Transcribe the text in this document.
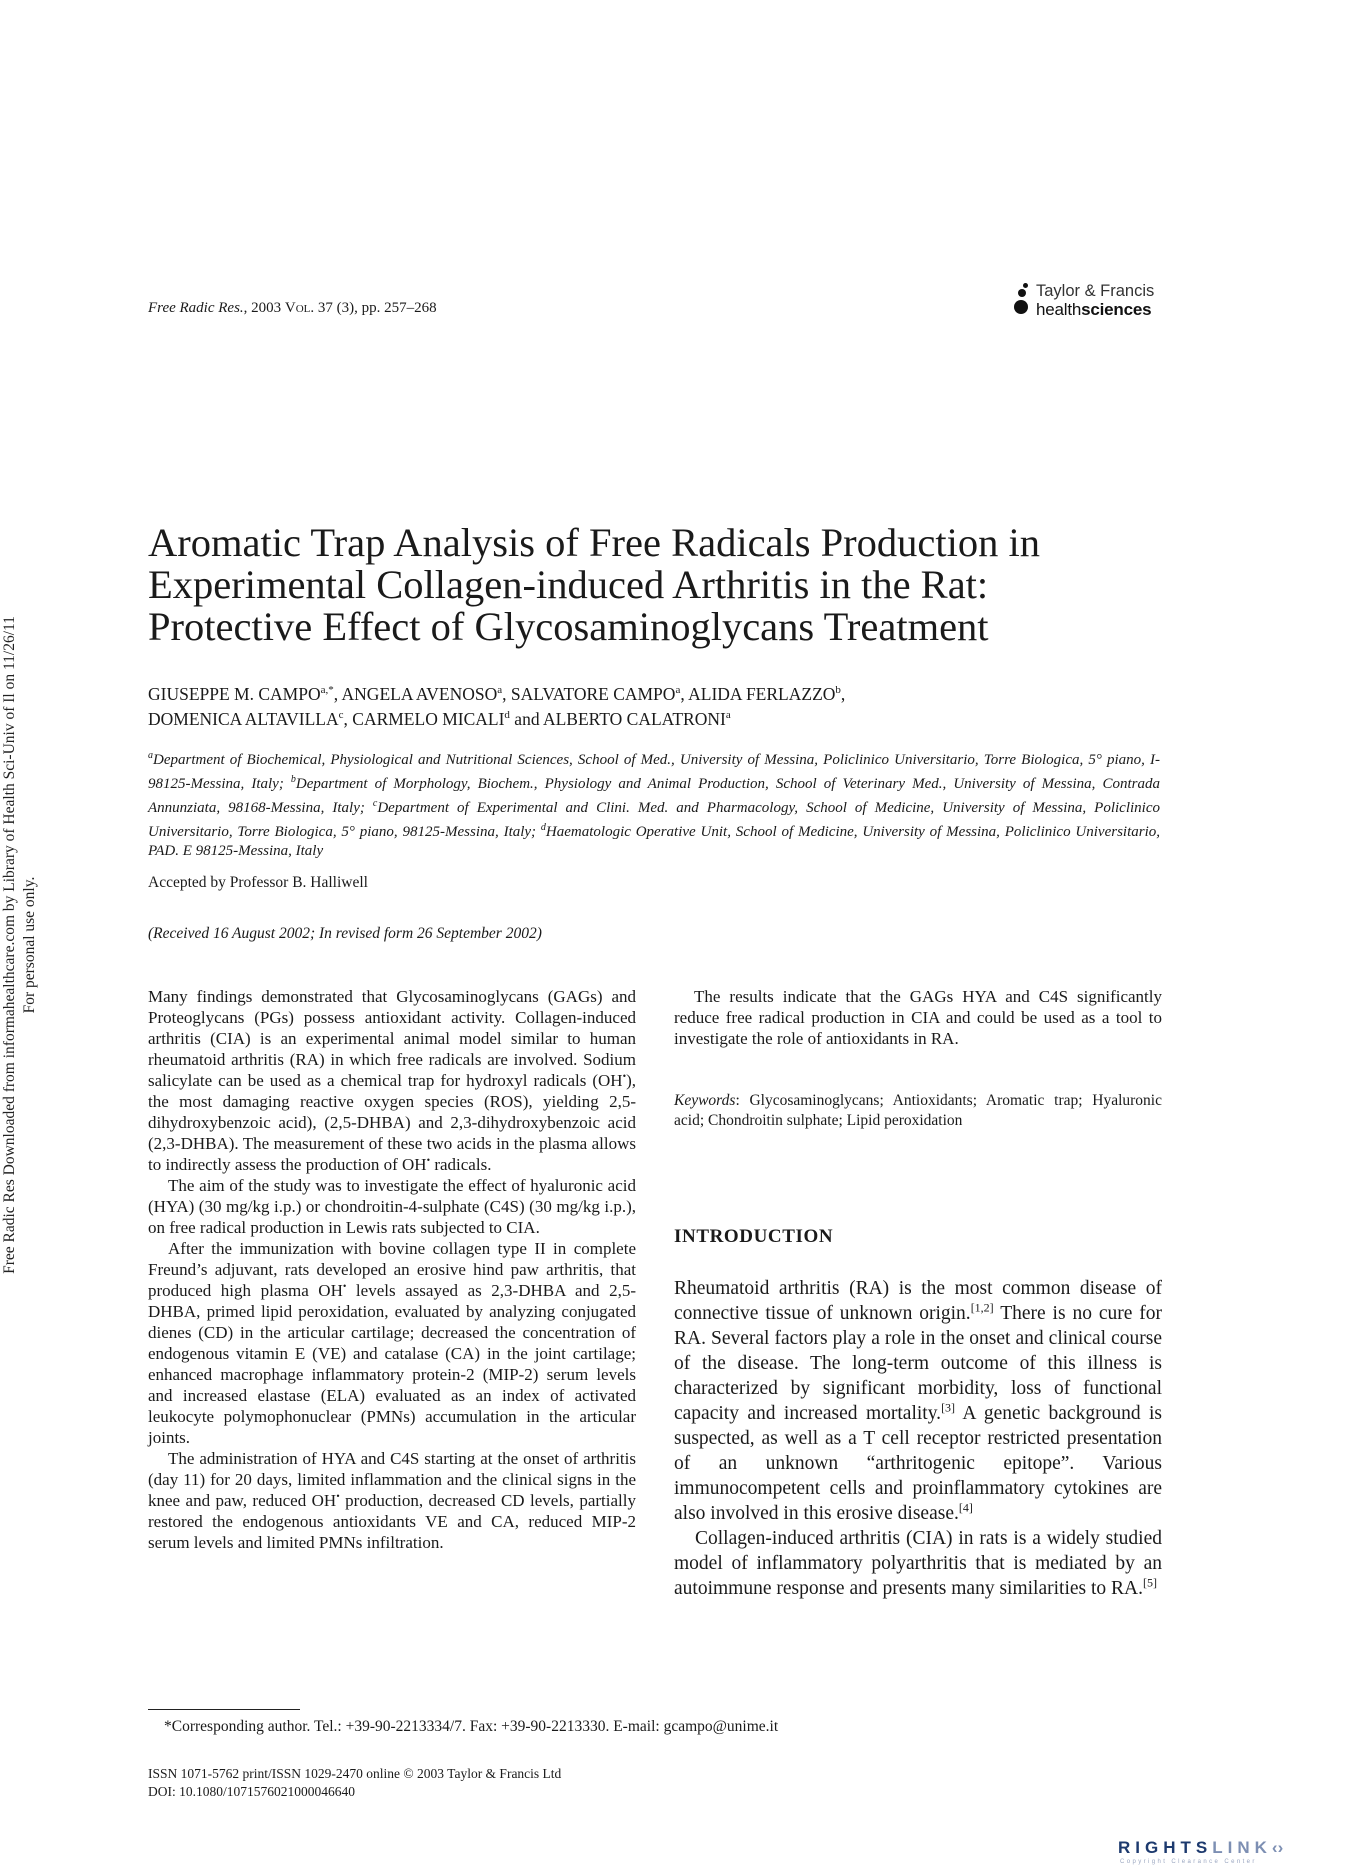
Free Radic Res Downloaded from informahealthcare.com by Library of Health Sci-Univ of Il on 11/26/11 For personal use only.
Free Radic Res., 2003 Vol. 37 (3), pp. 257–268
Taylor & Francis
healthsciences
Aromatic Trap Analysis of Free Radicals Production in
Experimental Collagen-induced Arthritis in the Rat:
Protective Effect of Glycosaminoglycans Treatment
GIUSEPPE M. $CAMPO^{a,*}$, ANGELA AVENOSO$^a$, SALVATORE CAMPO$^a$, ALIDA FERLAZZO$^b$,
DOMENICA ALTAVILLA$^c$, CARMELO MICALI$^d$ and ALBERTO CALATRONI$^a$
$^a$Department of Biochemical, Physiological and Nutritional Sciences, School of Med., University of Messina, Policlinico Universitario, Torre Biologica, 5° piano, I-98125-Messina, Italy; $^b$Department of Morphology, Biochem., Physiology and Animal Production, School of Veterinary Med., University of Messina, Contrada Annunziata, 98168-Messina, Italy; $^c$Department of Experimental and Clini. Med. and Pharmacology, School of Medicine, University of Messina, Policlinico Universitario, Torre Biologica, 5° piano, 98125-Messina, Italy; $^d$Haematologic Operative Unit, School of Medicine, University of Messina, Policlinico Universitario, PAD. E 98125-Messina, Italy
Accepted by Professor B. Halliwell
(Received 16 August 2002; In revised form 26 September 2002)

Many findings demonstrated that Glycosaminoglycans (GAGs) and Proteoglycans (PGs) possess antioxidant activity. Collagen-induced arthritis (CIA) is an experimental animal model similar to human rheumatoid arthritis (RA) in which free radicals are involved. Sodium salicylate can be used as a chemical trap for hydroxyl radicals (OH•), the most damaging reactive oxygen species (ROS), yielding 2,5-dihydroxybenzoic acid), (2,5-DHBA) and 2,3-dihydroxybenzoic acid (2,3-DHBA). The measurement of these two acids in the plasma allows to indirectly assess the production of OH• radicals.

The aim of the study was to investigate the effect of hyaluronic acid (HYA) (30 mg/kg i.p.) or chondroitin-4-sulphate (C4S) (30 mg/kg i.p.), on free radical production in Lewis rats subjected to CIA.

After the immunization with bovine collagen type II in complete Freund’s adjuvant, rats developed an erosive hind paw arthritis, that produced high plasma OH• levels assayed as 2,3-DHBA and 2,5-DHBA, primed lipid peroxidation, evaluated by analyzing conjugated dienes (CD) in the articular cartilage; decreased the concentration of endogenous vitamin E (VE) and catalase (CA) in the joint cartilage; enhanced macrophage inflammatory protein-2 (MIP-2) serum levels and increased elastase (ELA) evaluated as an index of activated leukocyte polymophonuclear (PMNs) accumulation in the articular joints.

The administration of HYA and C4S starting at the onset of arthritis (day 11) for 20 days, limited inflammation and the clinical signs in the knee and paw, reduced OH• production, decreased CD levels, partially restored the endogenous antioxidants VE and CA, reduced MIP-2 serum levels and limited PMNs infiltration.

The results indicate that the GAGs HYA and C4S significantly reduce free radical production in CIA and could be used as a tool to investigate the role of antioxidants in RA.

Keywords: Glycosaminoglycans; Antioxidants; Aromatic trap; Hyaluronic acid; Chondroitin sulphate; Lipid peroxidation
INTRODUCTION

Rheumatoid arthritis (RA) is the most common disease of connective tissue of unknown origin.[1,2] There is no cure for RA. Several factors play a role in the onset and clinical course of the disease. The long-term outcome of this illness is characterized by significant morbidity, loss of functional capacity and increased mortality.[3] A genetic background is suspected, as well as a T cell receptor restricted presentation of an unknown “arthritogenic epitope”. Various immunocompetent cells and proinflammatory cytokines are also involved in this erosive disease.[4]

Collagen-induced arthritis (CIA) in rats is a widely studied model of inflammatory polyarthritis that is mediated by an autoimmune response and presents many similarities to RA.[5]

*Corresponding author. Tel.: +39-90-2213334/7. Fax: +39-90-2213330. E-mail: gcampo@unime.it
ISSN 1071-5762 print/ISSN 1029-2470 online © 2003 Taylor & Francis Ltd
DOI: 10.1080/1071576021000046640
RIGHTSLINK‹›
Copyright Clearance Center
